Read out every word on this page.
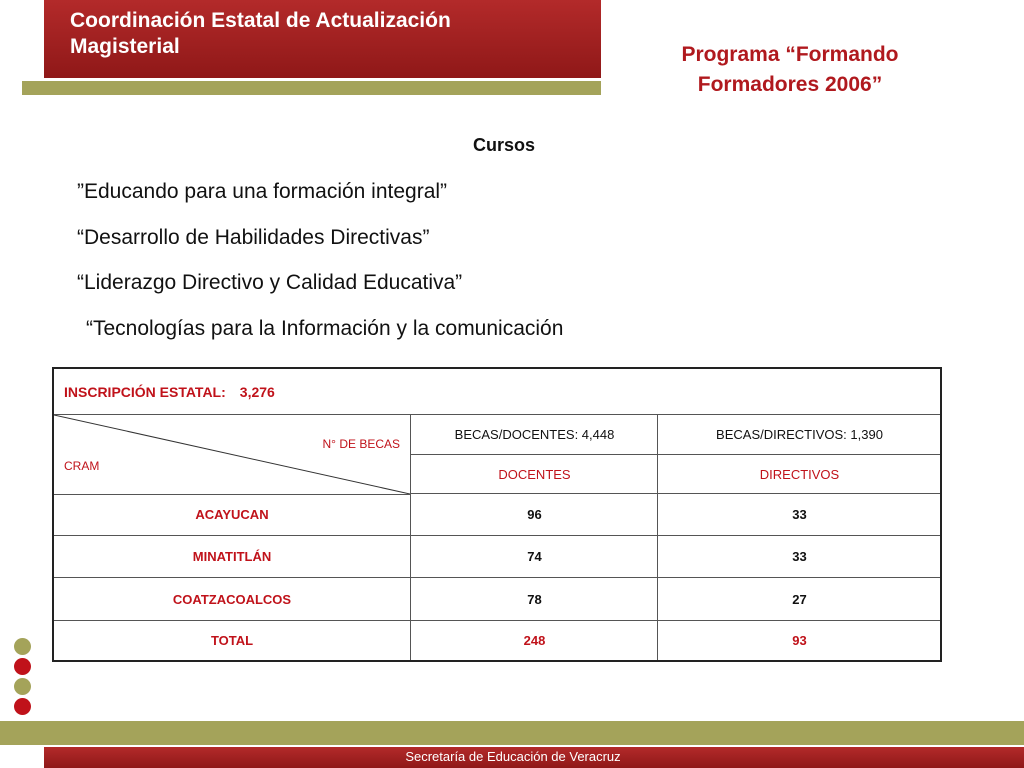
Coordinación Estatal de Actualización
Magisterial	Programa “Formando
Formadores 2006”
Cursos
”Educando para una formación integral”
“Desarrollo de Habilidades Directivas”
“Liderazgo Directivo y Calidad Educativa”
“Tecnologías para la Información y la comunicación
INSCRIPCIÓN ESTATAL: 3,276
BECAS/DOCENTES: 4,448	BECAS/DIRECTIVOS: 1,390
DOCENTES	DIRECTIVOS
N° DE BECAS
CRAM
ACAYUCAN	96	33
MINATITLÁN	74	33
COATZACOALCOS	78	27
TOTAL	248	93
Secretaría de Educación de Veracruz
